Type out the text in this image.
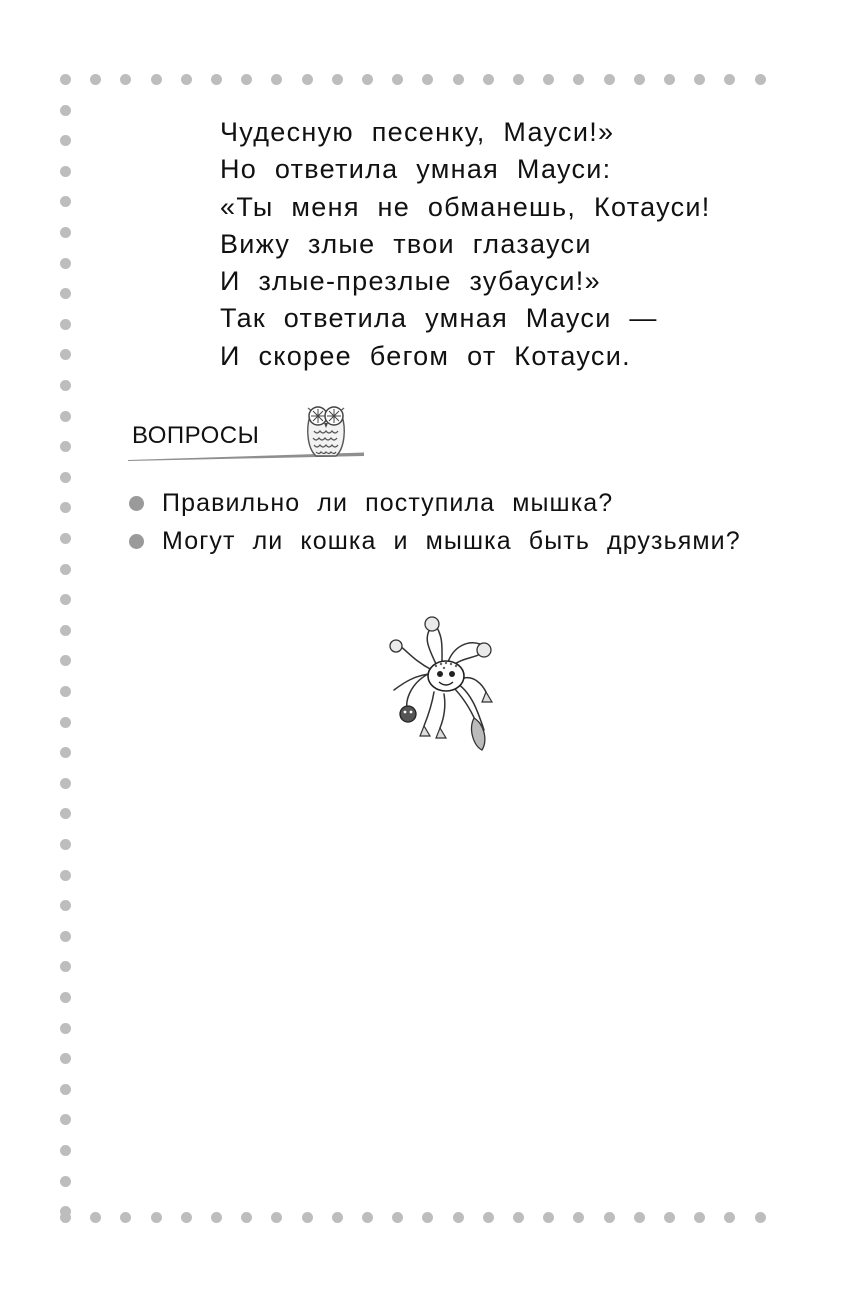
Чудесную песенку, Мауси!»
Но ответила умная Мауси:
«Ты меня не обманешь, Котауси!
Вижу злые твои глазауси
И злые-презлые зубауси!»
Так ответила умная Мауси —
И скорее бегом от Котауси.
ВОПРОСЫ
Правильно ли поступила мышка?
Могут ли кошка и мышка быть друзьями?
